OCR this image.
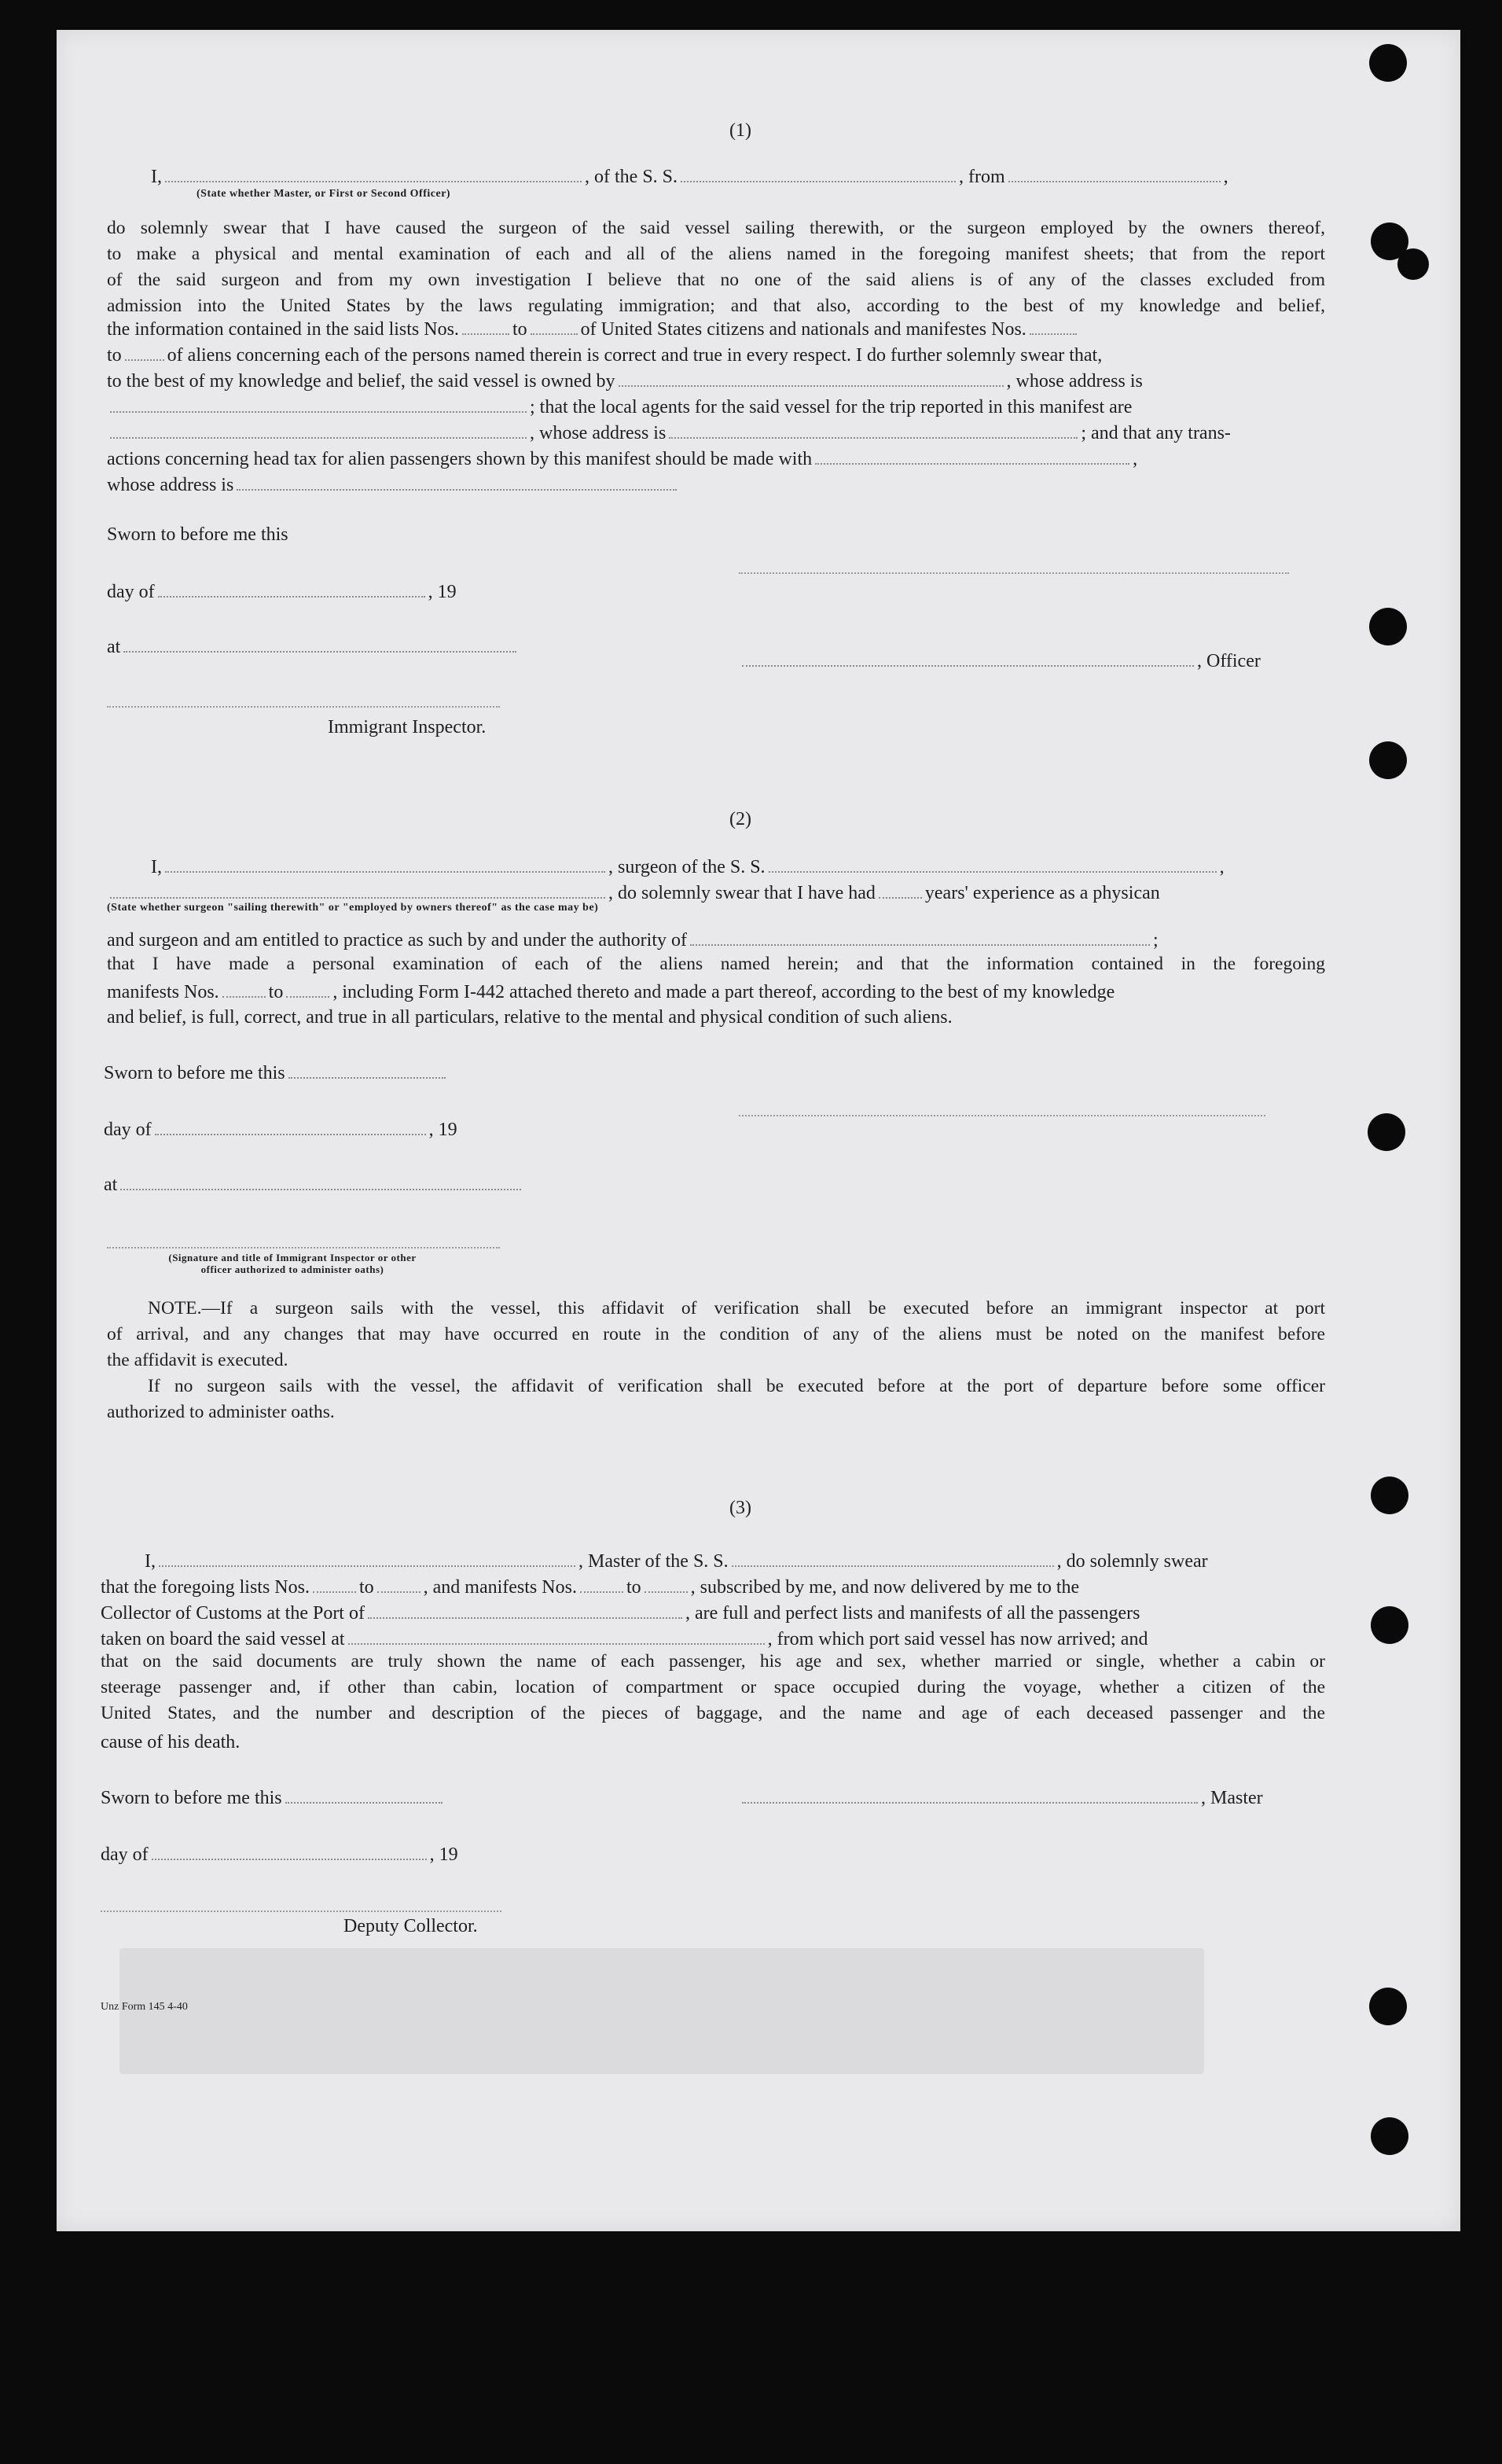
(1)
I,	, of the S. S.	, from	,
(State whether Master, or First or Second Officer)
do solemnly swear that I have caused the surgeon of the said vessel sailing therewith, or the surgeon employed by the owners thereof,
to make a physical and mental examination of each and all of the aliens named in the foregoing manifest sheets; that from the report
of the said surgeon and from my own investigation I believe that no one of the said aliens is of any of the classes excluded from
admission into the United States by the laws regulating immigration; and that also, according to the best of my knowledge and belief,
the information contained in the said lists Nos.	to	of United States citizens and nationals and manifestes Nos.
to of aliens concerning each of the persons named therein is correct and true in every respect. I do further solemnly swear that,
to the best of my knowledge and belief, the said vessel is owned by	, whose address is
; that the local agents for the said vessel for the trip reported in this manifest are
, whose address is	; and that any trans-
actions concerning head tax for alien passengers shown by this manifest should be made with	,
whose address is
Sworn to before me this
day of	, 19
at
, Officer
Immigrant Inspector.
(2)
I,	, surgeon of the S. S.	,
, do solemnly swear that I have had	years' experience as a physican
(State whether surgeon "sailing therewith" or "employed by owners thereof" as the case may be)
and surgeon and am entitled to practice as such by and under the authority of	;
that I have made a personal examination of each of the aliens named herein; and that the information contained in the foregoing
manifests Nos.	to	, including Form I-442 attached thereto and made a part thereof, according to the best of my knowledge
and belief, is full, correct, and true in all particulars, relative to the mental and physical condition of such aliens.
Sworn to before me this
day of	, 19
at
(Signature and title of Immigrant Inspector or other
officer authorized to administer oaths)
NOTE.—If a surgeon sails with the vessel, this affidavit of verification shall be executed before an immigrant inspector at port
of arrival, and any changes that may have occurred en route in the condition of any of the aliens must be noted on the manifest before
the affidavit is executed.
If no surgeon sails with the vessel, the affidavit of verification shall be executed before at the port of departure before some officer
authorized to administer oaths.
(3)
I,	, Master of the S. S.	, do solemnly swear
that the foregoing lists Nos.	to	, and manifests Nos.	to	, subscribed by me, and now delivered by me to the
Collector of Customs at the Port of	, are full and perfect lists and manifests of all the passengers
taken on board the said vessel at	, from which port said vessel has now arrived; and
that on the said documents are truly shown the name of each passenger, his age and sex, whether married or single, whether a cabin or
steerage passenger and, if other than cabin, location of compartment or space occupied during the voyage, whether a citizen of the
United States, and the number and description of the pieces of baggage, and the name and age of each deceased passenger and the
cause of his death.
Sworn to before me this	, Master
day of	, 19
Deputy Collector.
Unz Form 145 4-40
